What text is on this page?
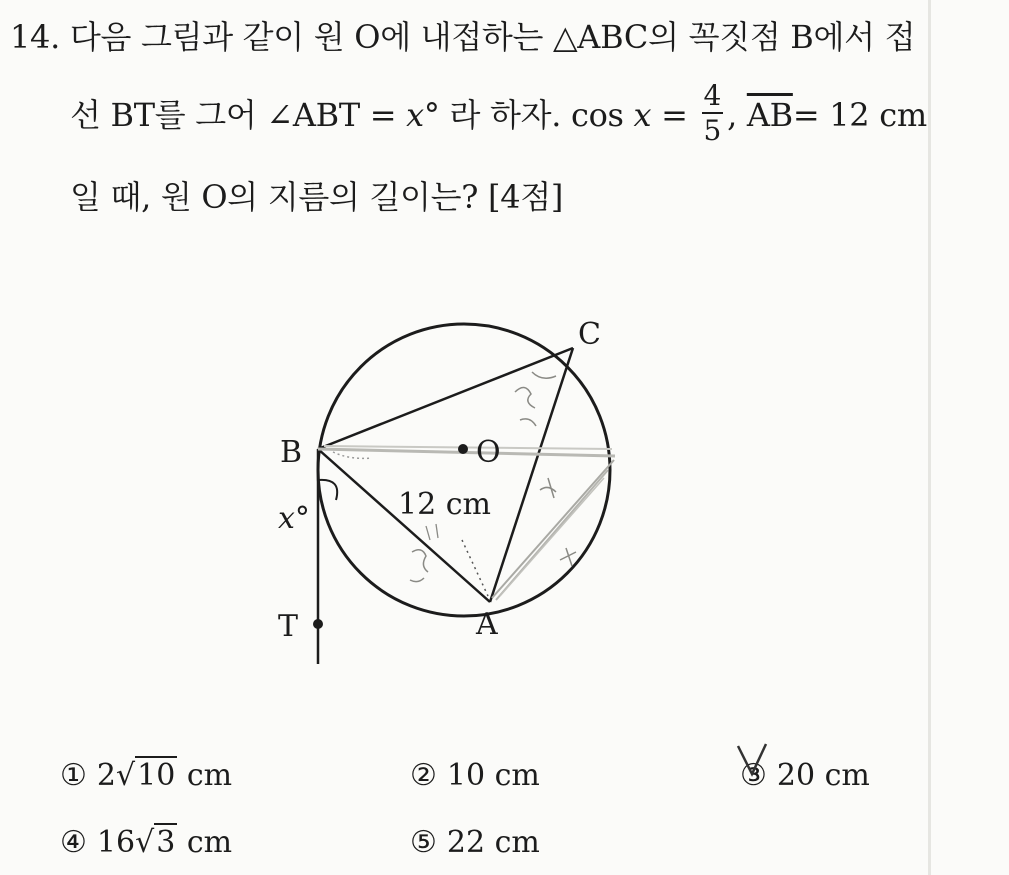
14. 다음 그림과 같이 원 O에 내접하는 △ABC의 꼭짓점 B에서 접
선 BT를 그어 ∠ABT = x° 라 하자. $\cos x = \frac{4}{5}$ , $\overline{AB}= 12$ cm
일 때, 원 O의 지름의 길이는? [4점]
B
C
O
A
T
x°	12 cm
① 2√10 cm	② 10 cm	③ 20 cm
④ 16√3 cm	⑤ 22 cm
